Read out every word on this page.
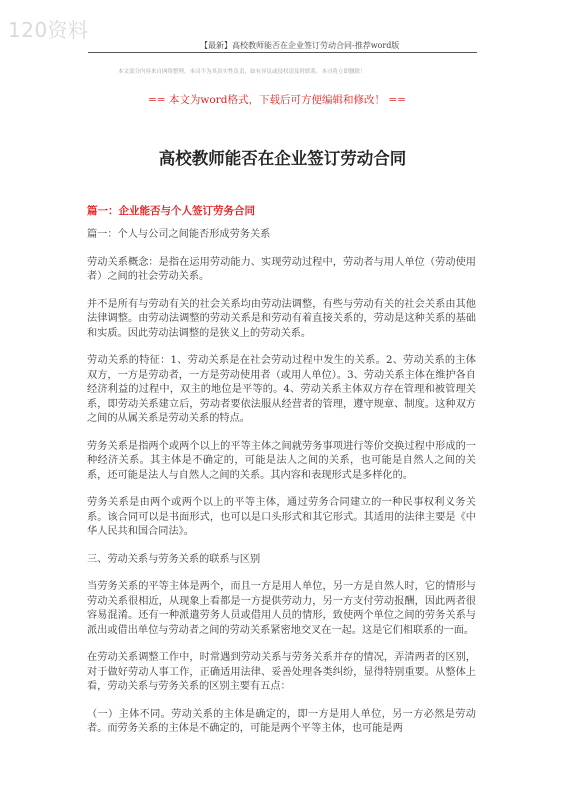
120资料
【最新】高校教师能否在企业签订劳动合同-推荐word版
本文部分内容来自网络整理，本司不为其真实性负责，如有异议或侵权请及时联系，本司将立即删除！
== 本文为word格式，下载后可方便编辑和修改！ ==
高校教师能否在企业签订劳动合同
篇一：企业能否与个人签订劳务合同

篇一：个人与公司之间能否形成劳务关系

劳动关系概念：是指在运用劳动能力、实现劳动过程中，劳动者与用人单位（劳动使用者）之间的社会劳动关系。

并不是所有与劳动有关的社会关系均由劳动法调整，有些与劳动有关的社会关系由其他法律调整。由劳动法调整的劳动关系是和劳动有着直接关系的，劳动是这种关系的基础和实质。因此劳动法调整的是狭义上的劳动关系。

劳动关系的特征：1、劳动关系是在社会劳动过程中发生的关系。2、劳动关系的主体双方，一方是劳动者，一方是劳动使用者（或用人单位）。3、劳动关系主体在维护各自经济利益的过程中，双主的地位是平等的。4、劳动关系主体双方存在管理和被管理关系，即劳动关系建立后，劳动者要依法服从经营者的管理，遵守规章、制度。这种双方之间的从属关系是劳动关系的特点。

劳务关系是指两个或两个以上的平等主体之间就劳务事项进行等价交换过程中形成的一种经济关系。其主体是不确定的，可能是法人之间的关系，也可能是自然人之间的关系，还可能是法人与自然人之间的关系。其内容和表现形式是多样化的。

劳务关系是由两个或两个以上的平等主体，通过劳务合同建立的一种民事权利义务关系。该合同可以是书面形式，也可以是口头形式和其它形式。其适用的法律主要是《中华人民共和国合同法》。

三、劳动关系与劳务关系的联系与区别

当劳务关系的平等主体是两个，而且一方是用人单位，另一方是自然人时，它的情形与劳动关系很相近，从现象上看都是一方提供劳动力，另一方支付劳动报酬，因此两者很容易混淆。还有一种派遣劳务人员或借用人员的情形，致使两个单位之间的劳务关系与派出或借出单位与劳动者之间的劳动关系紧密地交叉在一起。这是它们相联系的一面。

在劳动关系调整工作中，时常遇到劳动关系与劳务关系并存的情况，弄清两者的区别，对于做好劳动人事工作，正确适用法律、妥善处理各类纠纷，显得特别重要。从整体上看，劳动关系与劳务关系的区别主要有五点：

（一）主体不同。劳动关系的主体是确定的，即一方是用人单位，另一方必然是劳动者。而劳务关系的主体是不确定的，可能是两个平等主体，也可能是两
